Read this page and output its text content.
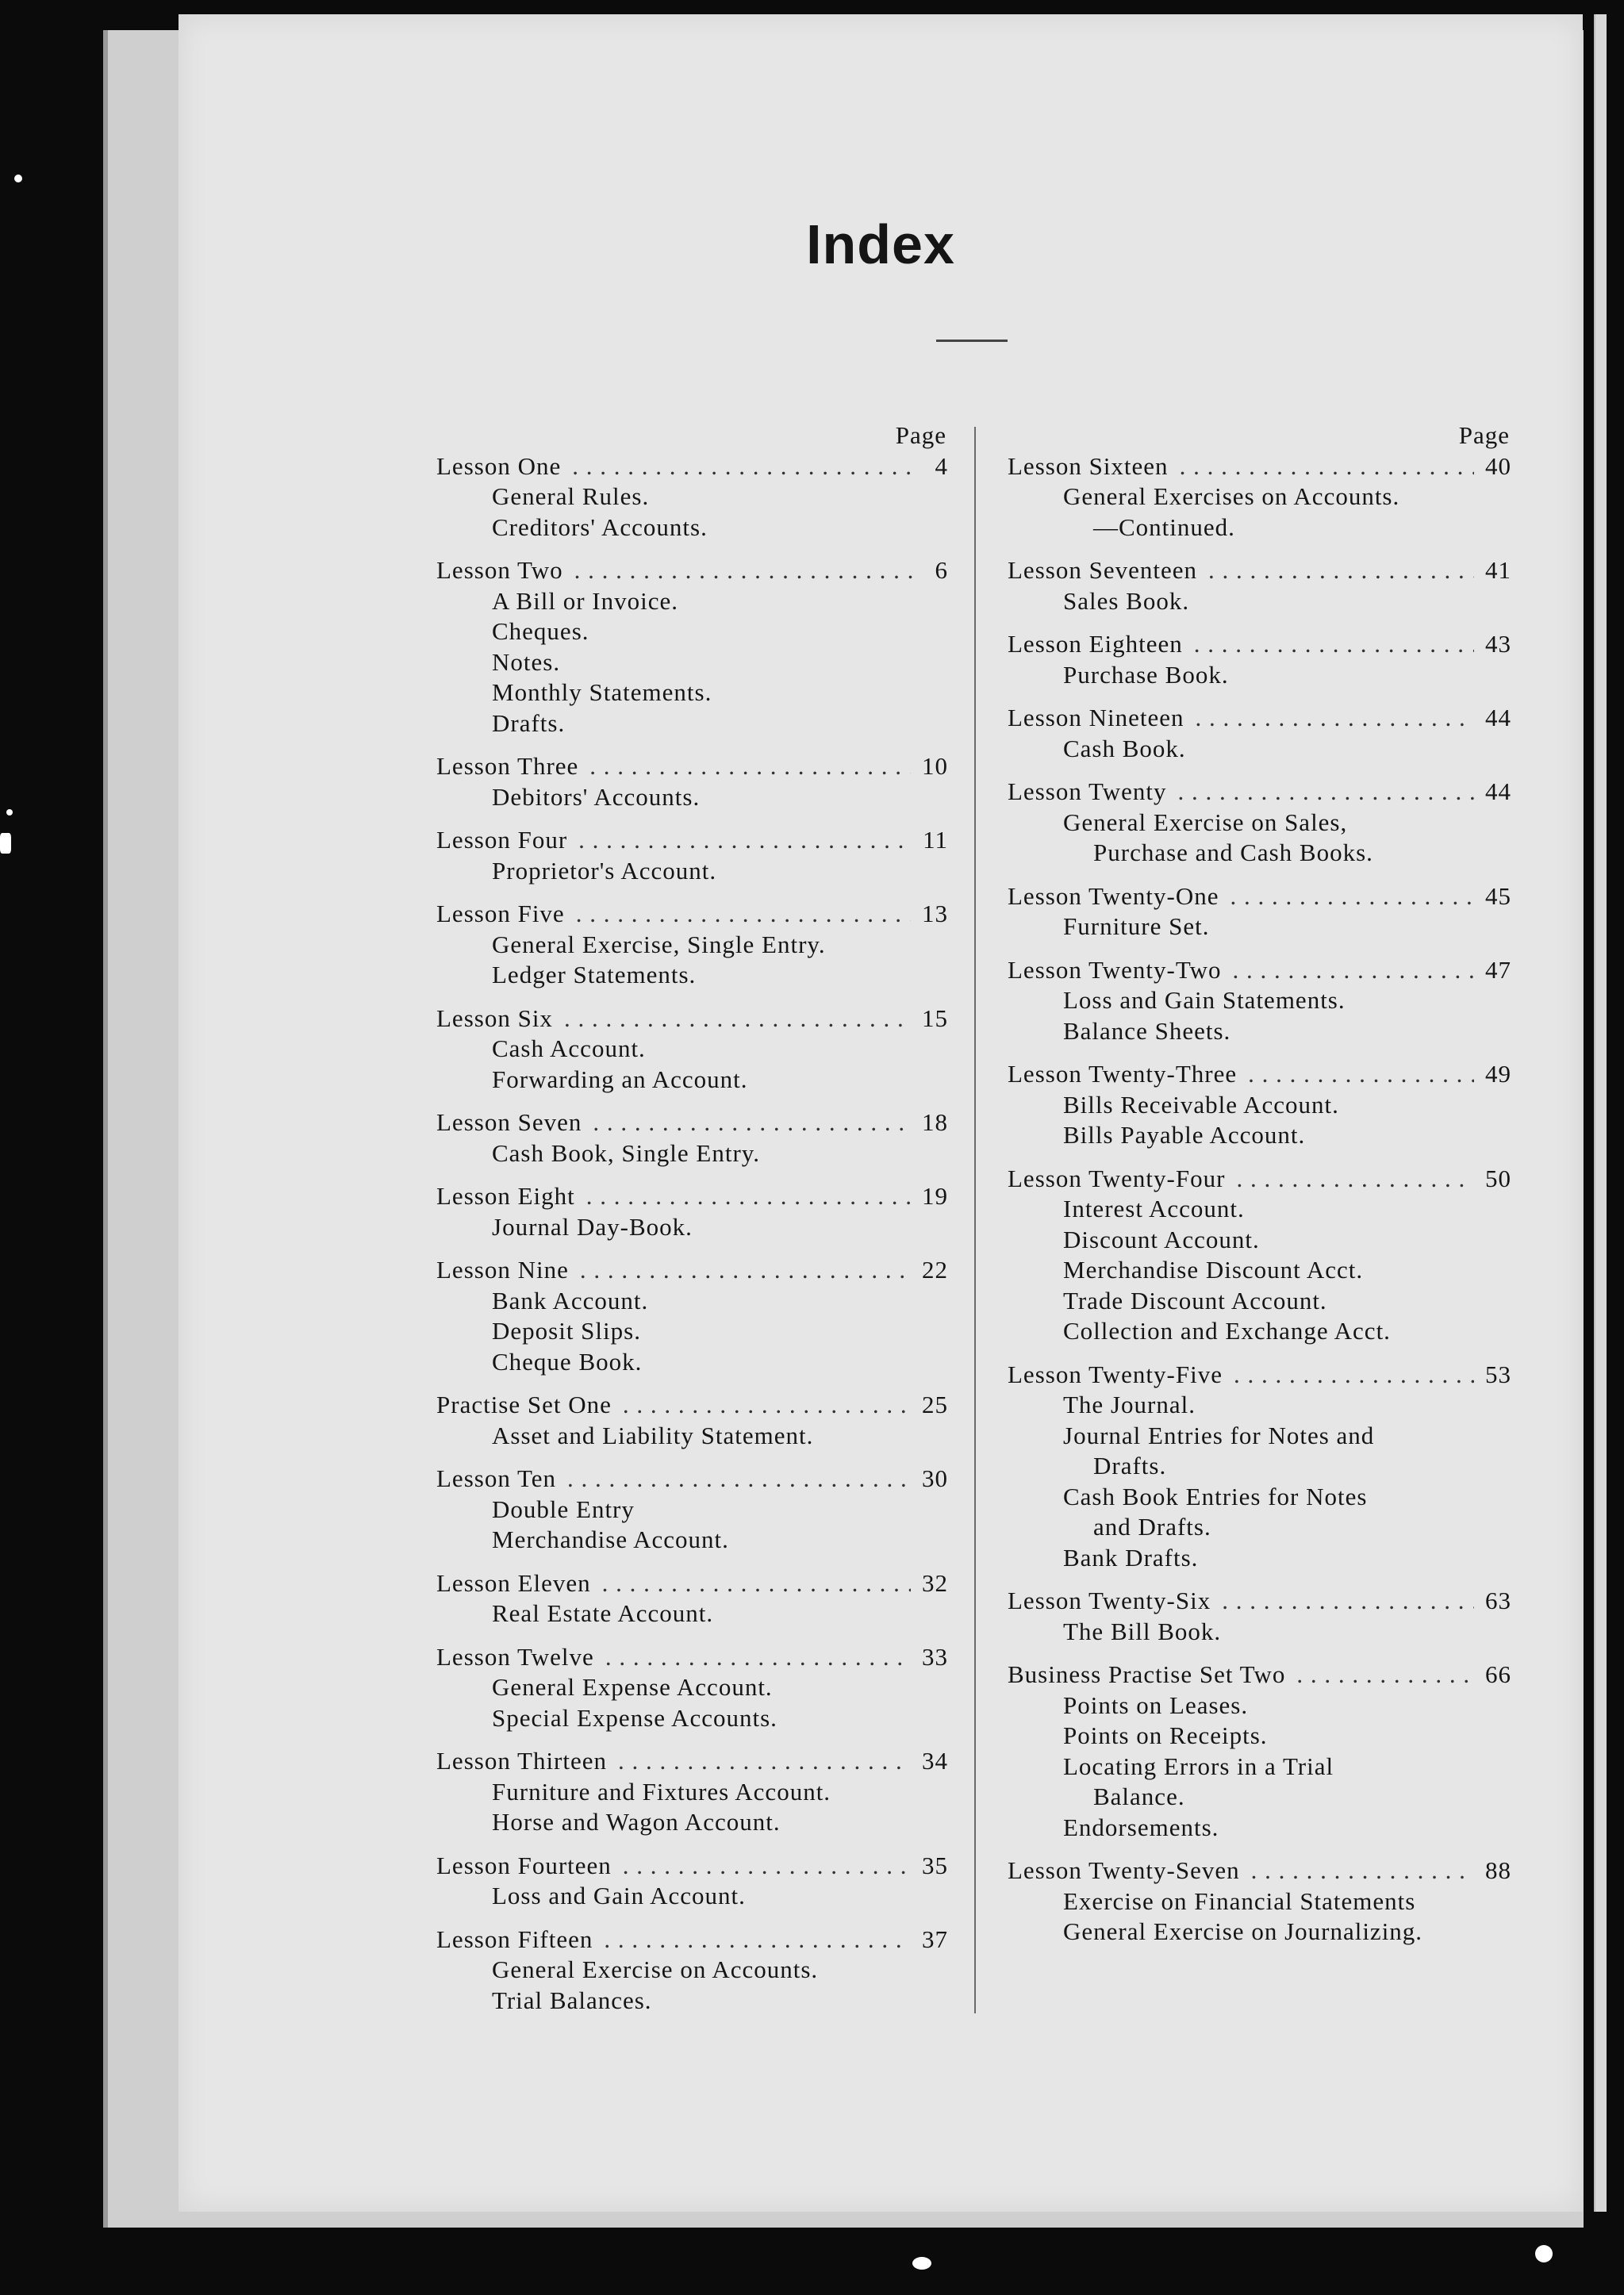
Index
Page
Lesson One . . .	4
General Rules.
Creditors' Accounts.
Lesson Two . . .	6
A Bill or Invoice.
Cheques.
Notes.
Monthly Statements.
Drafts.
Lesson Three . . .	10
Debitors' Accounts.
Lesson Four . . .	11
Proprietor's Account.
Lesson Five . . .	13
General Exercise, Single Entry.
Ledger Statements.
Lesson Six . . .	15
Cash Account.
Forwarding an Account.
Lesson Seven . . .	18
Cash Book, Single Entry.
Lesson Eight . . .	19
Journal Day-Book.
Lesson Nine . . .	22
Bank Account.
Deposit Slips.
Cheque Book.
Practise Set One . . .	25
Asset and Liability Statement.
Lesson Ten . . .	30
Double Entry
Merchandise Account.
Lesson Eleven . . .	32
Real Estate Account.
Lesson Twelve . . .	33
General Expense Account.
Special Expense Accounts.
Lesson Thirteen . . .	34
Furniture and Fixtures Account.
Horse and Wagon Account.
Lesson Fourteen . . .	35
Loss and Gain Account.
Lesson Fifteen . . .	37
General Exercise on Accounts.
Trial Balances.
Page
Lesson Sixteen . . .	40
General Exercises on Accounts.
—Continued.
Lesson Seventeen . . .	41
Sales Book.
Lesson Eighteen . . .	43
Purchase Book.
Lesson Nineteen . . .	44
Cash Book.
Lesson Twenty . . .	44
General Exercise on Sales,
Purchase and Cash Books.
Lesson Twenty-One . . .	45
Furniture Set.
Lesson Twenty-Two . . .	47
Loss and Gain Statements.
Balance Sheets.
Lesson Twenty-Three . . .	49
Bills Receivable Account.
Bills Payable Account.
Lesson Twenty-Four . . .	50
Interest Account.
Discount Account.
Merchandise Discount Acct.
Trade Discount Account.
Collection and Exchange Acct.
Lesson Twenty-Five . . .	53
The Journal.
Journal Entries for Notes and
Drafts.
Cash Book Entries for Notes
and Drafts.
Bank Drafts.
Lesson Twenty-Six . . .	63
The Bill Book.
Business Practise Set Two . . .	66
Points on Leases.
Points on Receipts.
Locating Errors in a Trial
Balance.
Endorsements.
Lesson Twenty-Seven . . .	88
Exercise on Financial Statements
General Exercise on Journalizing.
